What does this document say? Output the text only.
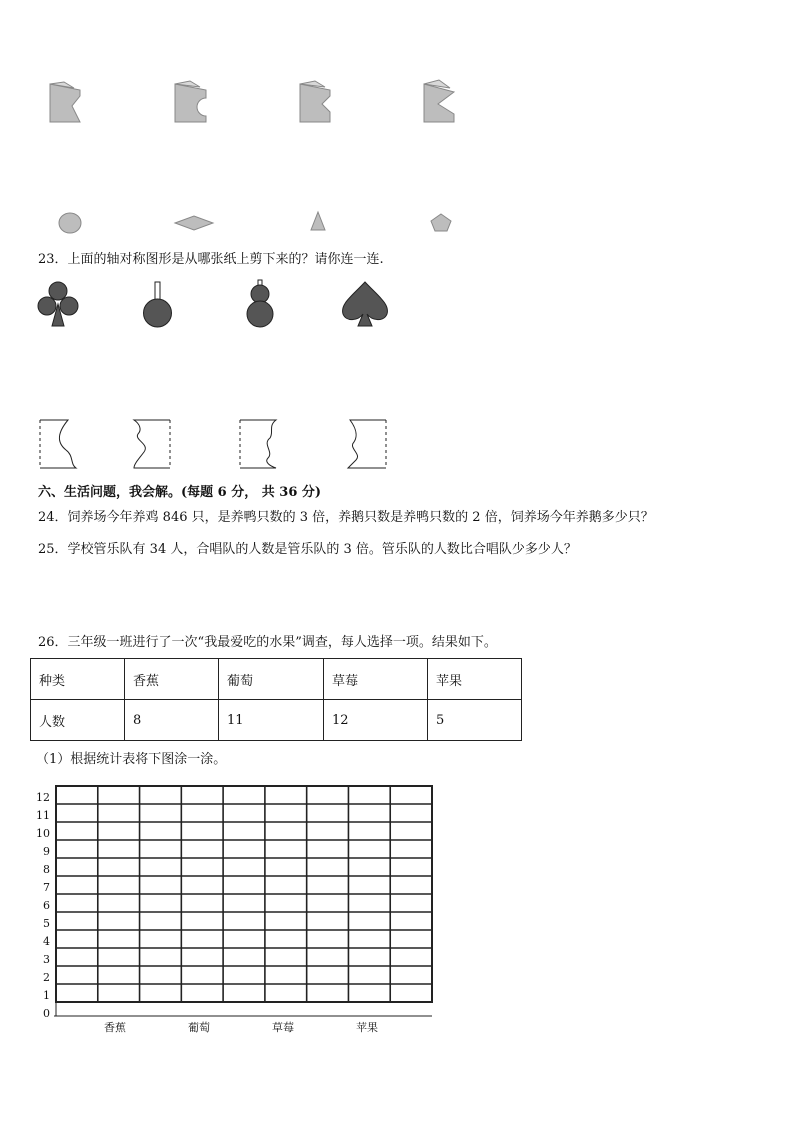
23．上面的轴对称图形是从哪张纸上剪下来的？请你连一连.
六、生活问题，我会解。(每题 6 分， 共 36 分)
24．饲养场今年养鸡 846 只，是养鸭只数的 3 倍，养鹅只数是养鸭只数的 2 倍，饲养场今年养鹅多少只？
25．学校管乐队有 34 人，合唱队的人数是管乐队的 3 倍。管乐队的人数比合唱队少多少人？
26．三年级一班进行了一次“我最爱吃的水果”调查，每人选择一项。结果如下。
种类	香蕉	葡萄	草莓	苹果
人数	8	11	12	5
（1）根据统计表将下图涂一涂。
12
11
10
9
8
7
6
5
4
3
2
1
0
香蕉	葡萄	草莓	苹果
